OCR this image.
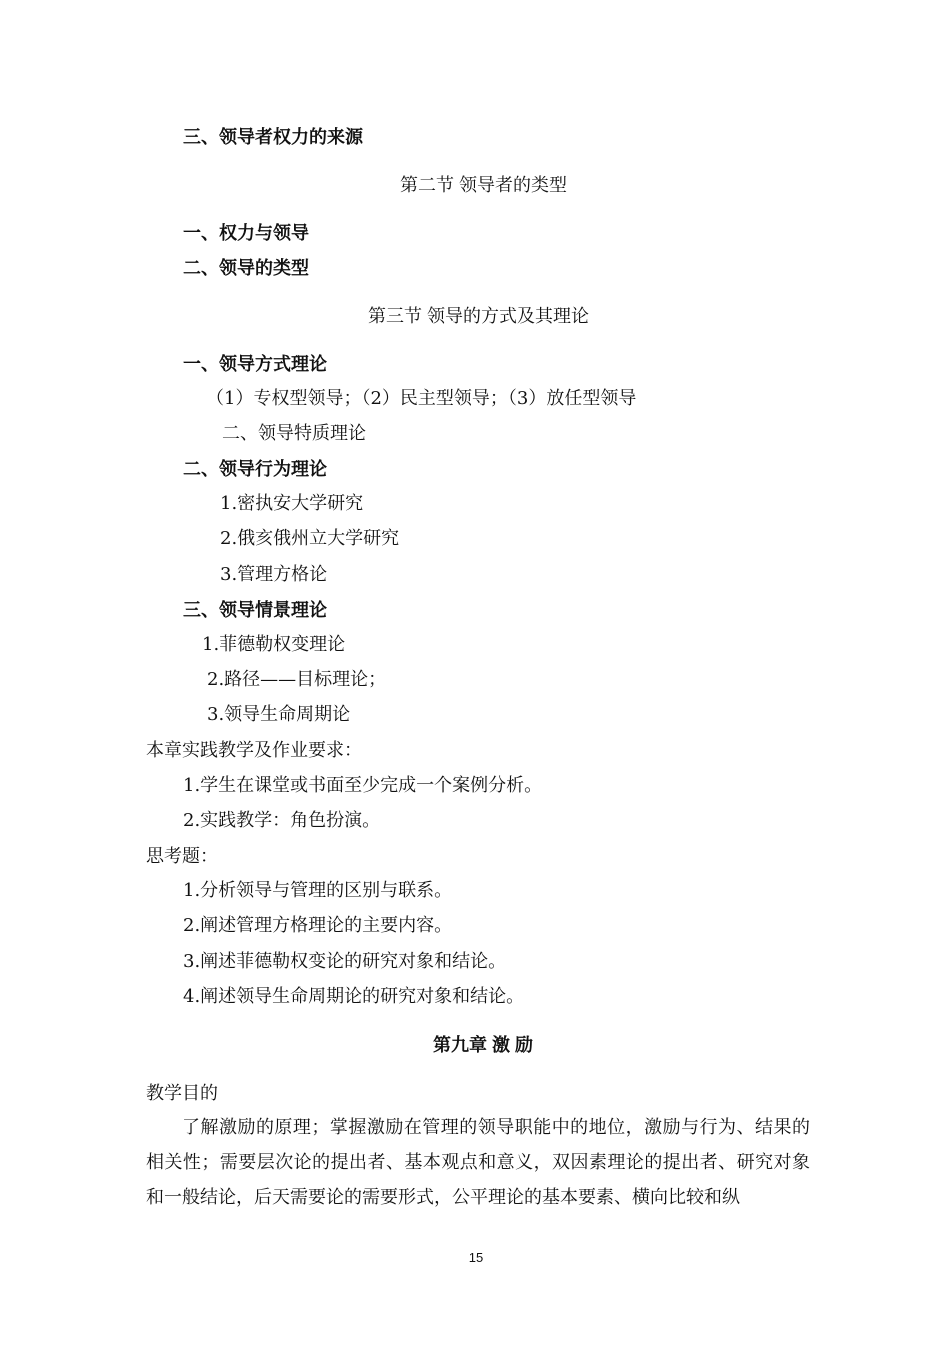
三、领导者权力的来源
第二节 领导者的类型
一、权力与领导
二、领导的类型
第三节 领导的方式及其理论
一、领导方式理论
（1）专权型领导；（2）民主型领导；（3）放任型领导
二、领导特质理论
二、领导行为理论
1.密执安大学研究
2.俄亥俄州立大学研究
3.管理方格论
三、领导情景理论
1.菲德勒权变理论
2.路径——目标理论；
3.领导生命周期论
本章实践教学及作业要求：
1.学生在课堂或书面至少完成一个案例分析。
2.实践教学：角色扮演。
思考题：
1.分析领导与管理的区别与联系。
2.阐述管理方格理论的主要内容。
3.阐述菲德勒权变论的研究对象和结论。
4.阐述领导生命周期论的研究对象和结论。
第九章 激 励
教学目的
了解激励的原理；掌握激励在管理的领导职能中的地位，激励与行为、结果的相关性；需要层次论的提出者、基本观点和意义，双因素理论的提出者、研究对象和一般结论，后天需要论的需要形式，公平理论的基本要素、横向比较和纵
15
